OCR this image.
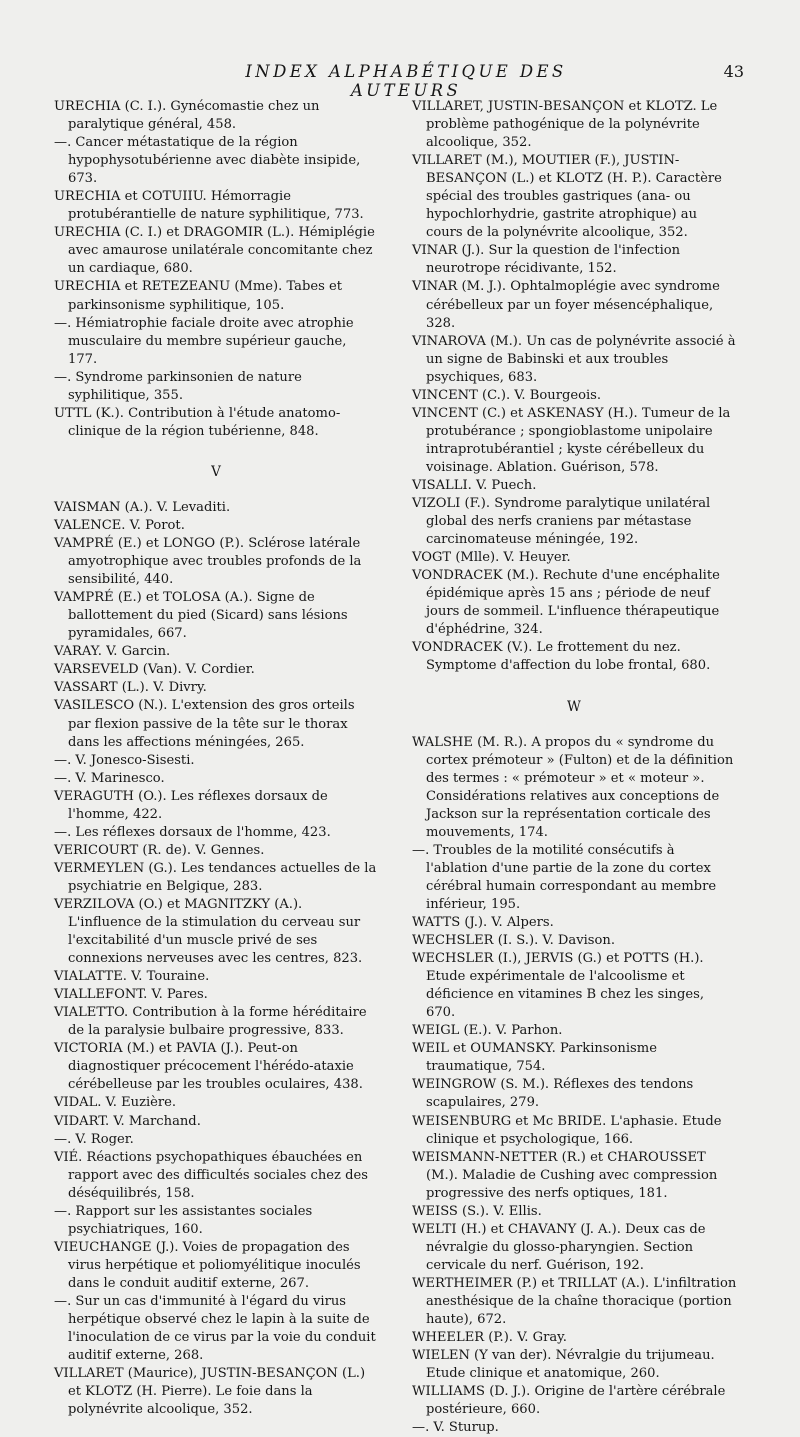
INDEX ALPHABÉTIQUE DES AUTEURS
43

URECHIA (C. I.). Gynécomastie chez un paralytique général, 458.

—. Cancer métastatique de la région hypophysotubérienne avec diabète insipide, 673.

URECHIA et COTUIIU. Hémorragie protubérantielle de nature syphilitique, 773.

URECHIA (C. I.) et DRAGOMIR (L.). Hémiplégie avec amaurose unilatérale concomitante chez un cardiaque, 680.

URECHIA et RETEZEANU (Mme). Tabes et parkinsonisme syphilitique, 105.

—. Hémiatrophie faciale droite avec atrophie musculaire du membre supérieur gauche, 177.

—. Syndrome parkinsonien de nature syphilitique, 355.

UTTL (K.). Contribution à l'étude anatomo-clinique de la région tubérienne, 848.

V

VAISMAN (A.). V. Levaditi.

VALENCE. V. Porot.

VAMPRÉ (E.) et LONGO (P.). Sclérose latérale amyotrophique avec troubles profonds de la sensibilité, 440.

VAMPRÉ (E.) et TOLOSA (A.). Signe de ballottement du pied (Sicard) sans lésions pyramidales, 667.

VARAY. V. Garcin.

VARSEVELD (Van). V. Cordier.

VASSART (L.). V. Divry.

VASILESCO (N.). L'extension des gros orteils par flexion passive de la tête sur le thorax dans les affections méningées, 265.

—. V. Jonesco-Sisesti.

—. V. Marinesco.

VERAGUTH (O.). Les réflexes dorsaux de l'homme, 422.

—. Les réflexes dorsaux de l'homme, 423.

VERICOURT (R. de). V. Gennes.

VERMEYLEN (G.). Les tendances actuelles de la psychiatrie en Belgique, 283.

VERZILOVA (O.) et MAGNITZKY (A.). L'influence de la stimulation du cerveau sur l'excitabilité d'un muscle privé de ses connexions nerveuses avec les centres, 823.

VIALATTE. V. Touraine.

VIALLEFONT. V. Pares.

VIALETTO. Contribution à la forme héréditaire de la paralysie bulbaire progressive, 833.

VICTORIA (M.) et PAVIA (J.). Peut-on diagnostiquer précocement l'hérédo-ataxie cérébelleuse par les troubles oculaires, 438.

VIDAL. V. Euzière.

VIDART. V. Marchand.

—. V. Roger.

VIÉ. Réactions psychopathiques ébauchées en rapport avec des difficultés sociales chez des déséquilibrés, 158.

—. Rapport sur les assistantes sociales psychiatriques, 160.

VIEUCHANGE (J.). Voies de propagation des virus herpétique et poliomyélitique inoculés dans le conduit auditif externe, 267.

—. Sur un cas d'immunité à l'égard du virus herpétique observé chez le lapin à la suite de l'inoculation de ce virus par la voie du conduit auditif externe, 268.

VILLARET (Maurice), JUSTIN-BESANÇON (L.) et KLOTZ (H. Pierre). Le foie dans la polynévrite alcoolique, 352.

VILLARET, JUSTIN-BESANÇON et KLOTZ. Le problème pathogénique de la polynévrite alcoolique, 352.

VILLARET (M.), MOUTIER (F.), JUSTIN-BESANÇON (L.) et KLOTZ (H. P.). Caractère spécial des troubles gastriques (ana- ou hypochlorhydrie, gastrite atrophique) au cours de la polynévrite alcoolique, 352.

VINAR (J.). Sur la question de l'infection neurotrope récidivante, 152.

VINAR (M. J.). Ophtalmoplégie avec syndrome cérébelleux par un foyer mésencéphalique, 328.

VINAROVA (M.). Un cas de polynévrite associé à un signe de Babinski et aux troubles psychiques, 683.

VINCENT (C.). V. Bourgeois.

VINCENT (C.) et ASKENASY (H.). Tumeur de la protubérance ; spongioblastome unipolaire intraprotubérantiel ; kyste cérébelleux du voisinage. Ablation. Guérison, 578.

VISALLI. V. Puech.

VIZOLI (F.). Syndrome paralytique unilatéral global des nerfs craniens par métastase carcinomateuse méningée, 192.

VOGT (Mlle). V. Heuyer.

VONDRACEK (M.). Rechute d'une encéphalite épidémique après 15 ans ; période de neuf jours de sommeil. L'influence thérapeutique d'éphédrine, 324.

VONDRACEK (V.). Le frottement du nez. Symptome d'affection du lobe frontal, 680.

W

WALSHE (M. R.). A propos du « syndrome du cortex prémoteur » (Fulton) et de la définition des termes : « prémoteur » et « moteur ». Considérations relatives aux conceptions de Jackson sur la représentation corticale des mouvements, 174.

—. Troubles de la motilité consécutifs à l'ablation d'une partie de la zone du cortex cérébral humain correspondant au membre inférieur, 195.

WATTS (J.). V. Alpers.

WECHSLER (I. S.). V. Davison.

WECHSLER (I.), JERVIS (G.) et POTTS (H.). Etude expérimentale de l'alcoolisme et déficience en vitamines B chez les singes, 670.

WEIGL (E.). V. Parhon.

WEIL et OUMANSKY. Parkinsonisme traumatique, 754.

WEINGROW (S. M.). Réflexes des tendons scapulaires, 279.

WEISENBURG et Mc BRIDE. L'aphasie. Etude clinique et psychologique, 166.

WEISMANN-NETTER (R.) et CHAROUSSET (M.). Maladie de Cushing avec compression progressive des nerfs optiques, 181.

WEISS (S.). V. Ellis.

WELTI (H.) et CHAVANY (J. A.). Deux cas de névralgie du glosso-pharyngien. Section cervicale du nerf. Guérison, 192.

WERTHEIMER (P.) et TRILLAT (A.). L'infiltration anesthésique de la chaîne thoracique (portion haute), 672.

WHEELER (P.). V. Gray.

WIELEN (Y van der). Névralgie du trijumeau. Etude clinique et anatomique, 260.

WILLIAMS (D. J.). Origine de l'artère cérébrale postérieure, 660.

—. V. Sturup.
